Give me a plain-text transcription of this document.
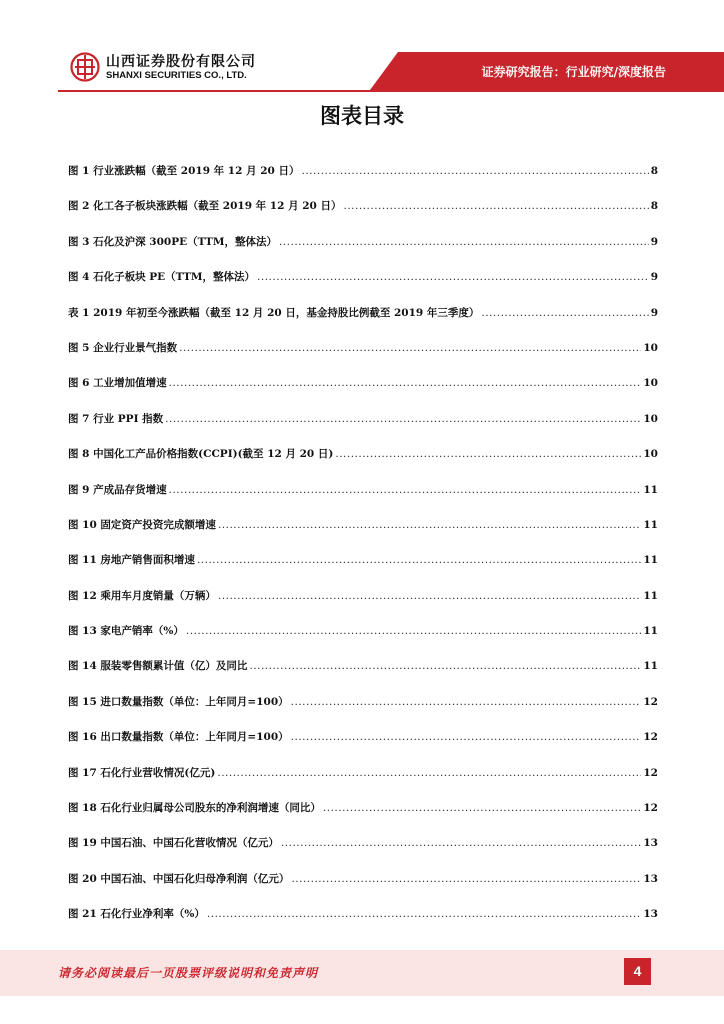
山西证券股份有限公司
SHANXI SECURITIES CO., LTD.	证券研究报告：行业研究/深度报告
图表目录
图 1 行业涨跌幅（截至 2019 年 12 月 20 日） .....	8
图 2 化工各子板块涨跌幅（截至 2019 年 12 月 20 日） .....	8
图 3 石化及沪深 300PE（TTM，整体法） .....	9
图 4 石化子板块 PE（TTM，整体法） .....	9
表 1 2019 年初至今涨跌幅（截至 12 月 20 日，基金持股比例截至 2019 年三季度） .....	9
图 5 企业行业景气指数 .....	10
图 6 工业增加值增速 .....	10
图 7 行业 PPI 指数 .....	10
图 8 中国化工产品价格指数(CCPI)(截至 12 月 20 日) .....	10
图 9 产成品存货增速 .....	11
图 10 固定资产投资完成额增速 .....	11
图 11 房地产销售面积增速 .....	11
图 12 乘用车月度销量（万辆） .....	11
图 13 家电产销率（%） .....	11
图 14 服装零售额累计值（亿）及同比 .....	11
图 15 进口数量指数（单位：上年同月=100） .....	12
图 16 出口数量指数（单位：上年同月=100） .....	12
图 17 石化行业营收情况(亿元) .....	12
图 18 石化行业归属母公司股东的净利润增速（同比） .....	12
图 19 中国石油、中国石化营收情况（亿元） .....	13
图 20 中国石油、中国石化归母净利润（亿元） .....	13
图 21 石化行业净利率（%） .....	13
请务必阅读最后一页股票评级说明和免责声明	4
